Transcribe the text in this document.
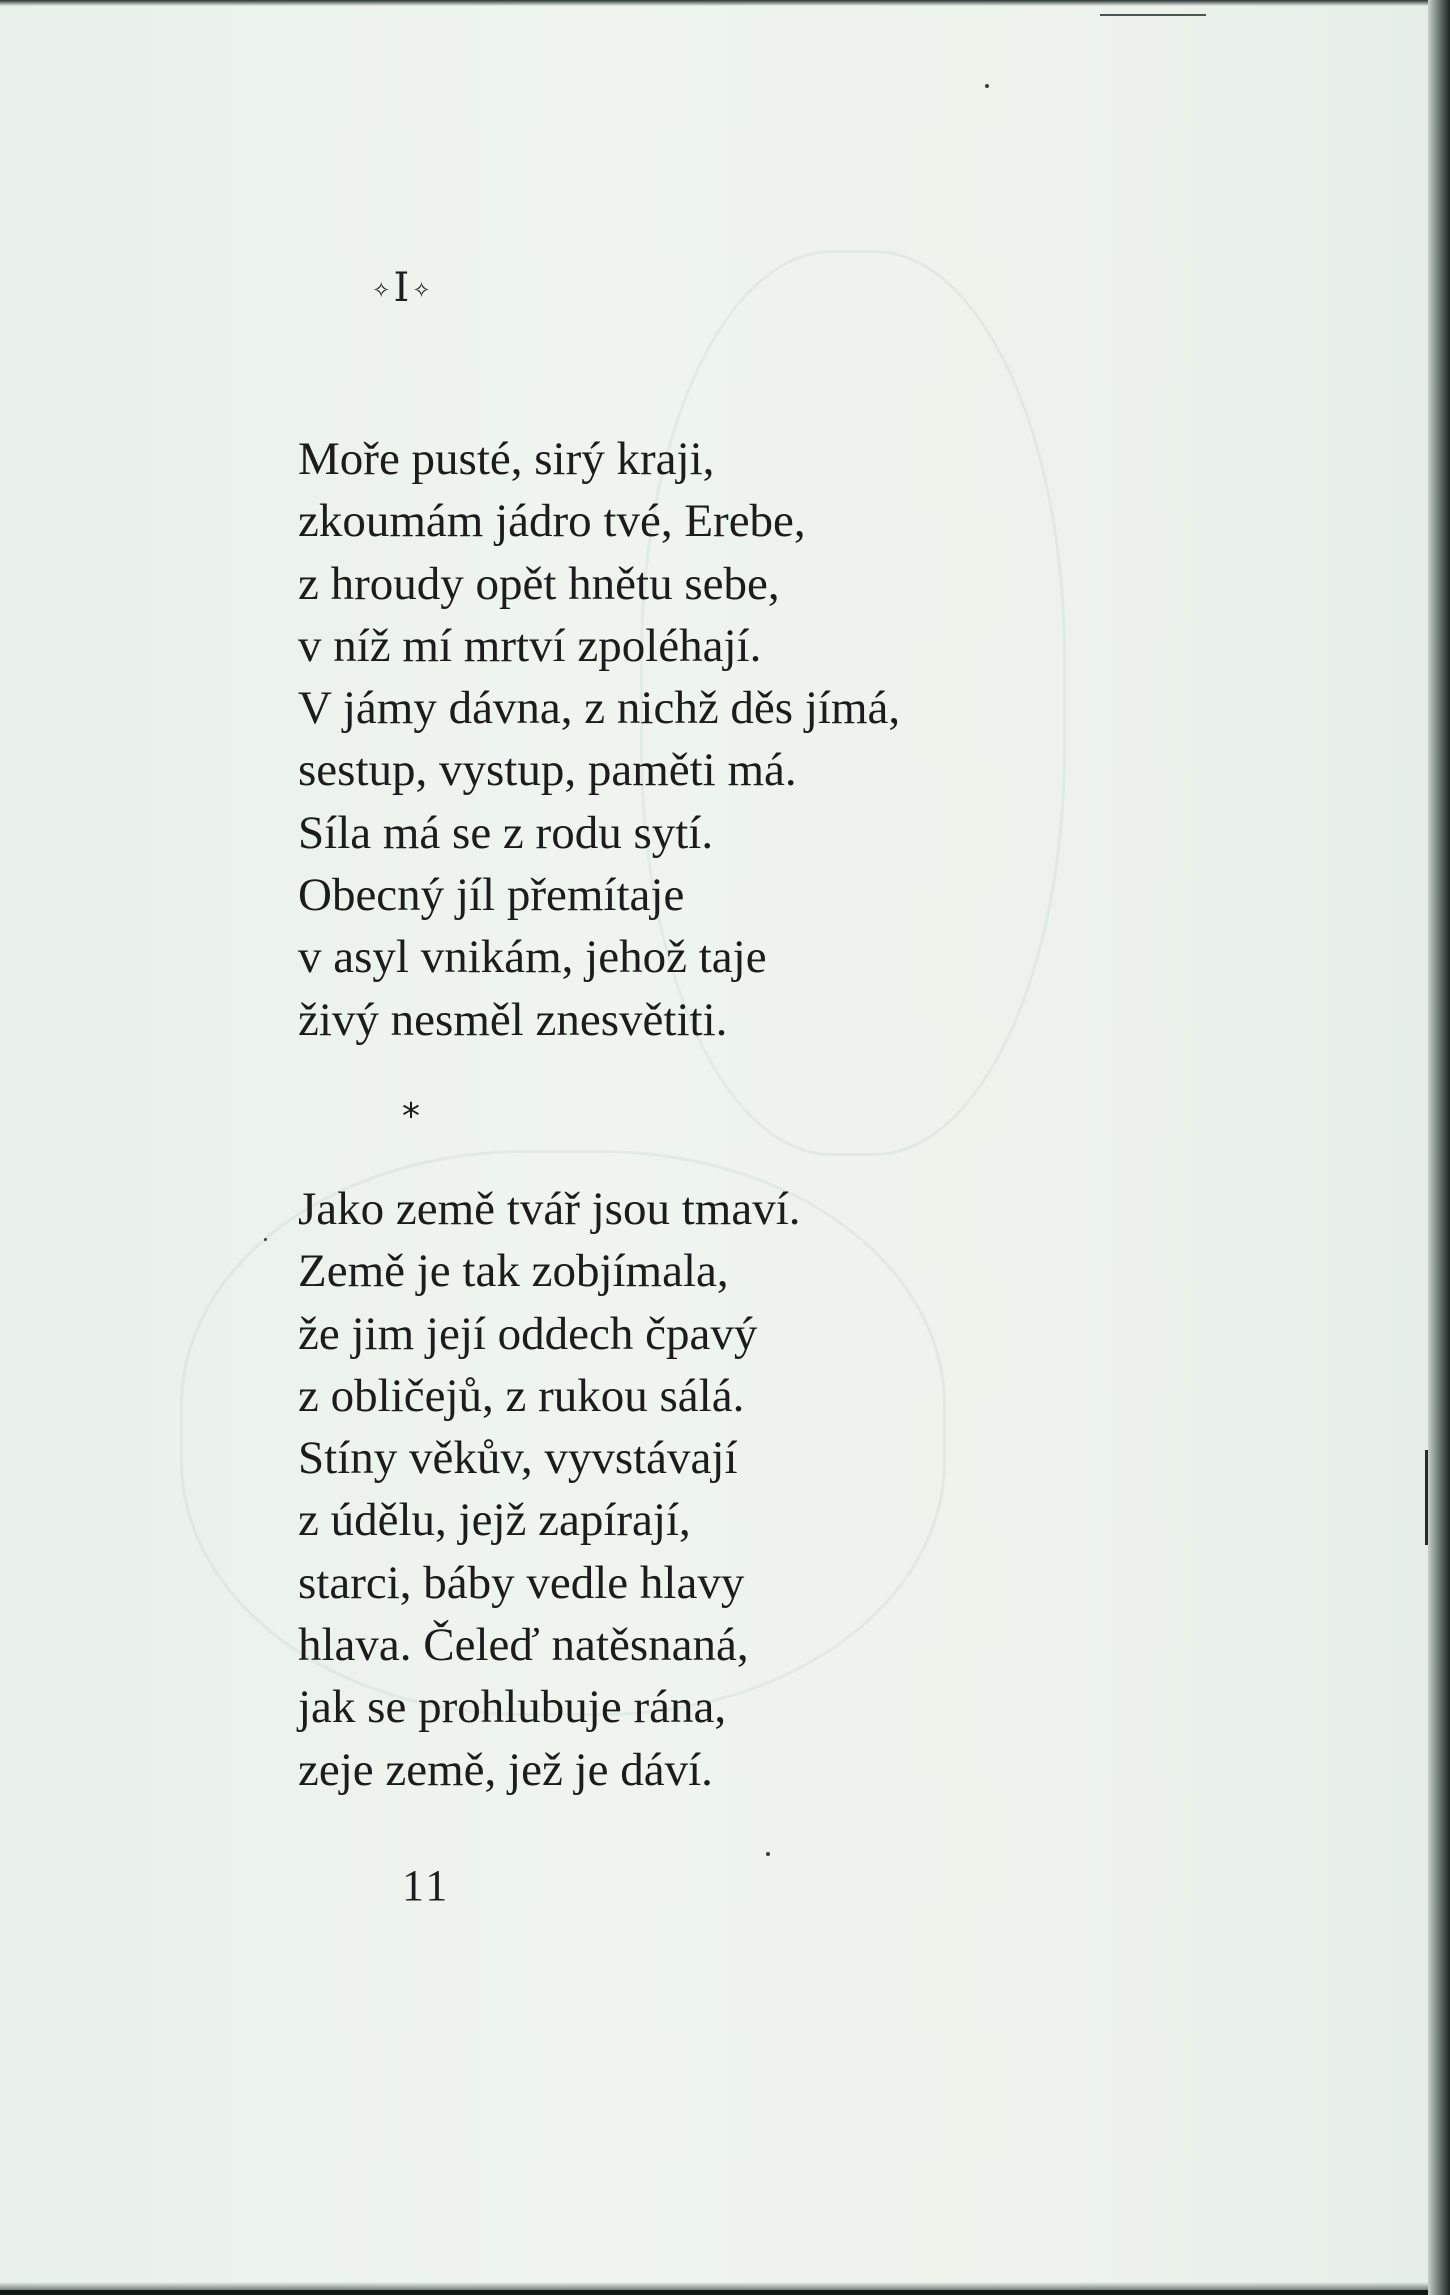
✧I✧
Moře pusté, sirý kraji,
zkoumám jádro tvé, Erebe,
z hroudy opět hnětu sebe,
v níž mí mrtví zpoléhají.
V jámy dávna, z nichž děs jímá,
sestup, vystup, paměti má.
Síla má se z rodu sytí.
Obecný jíl přemítaje
v asyl vnikám, jehož taje
živý nesměl znesvětiti.
*
Jako země tvář jsou tmaví.
Země je tak zobjímala,
že jim její oddech čpavý
z obličejů, z rukou sálá.
Stíny věkův, vyvstávají
z údělu, jejž zapírají,
starci, báby vedle hlavy
hlava. Čeleď natěsnaná,
jak se prohlubuje rána,
zeje země, jež je dáví.
11
